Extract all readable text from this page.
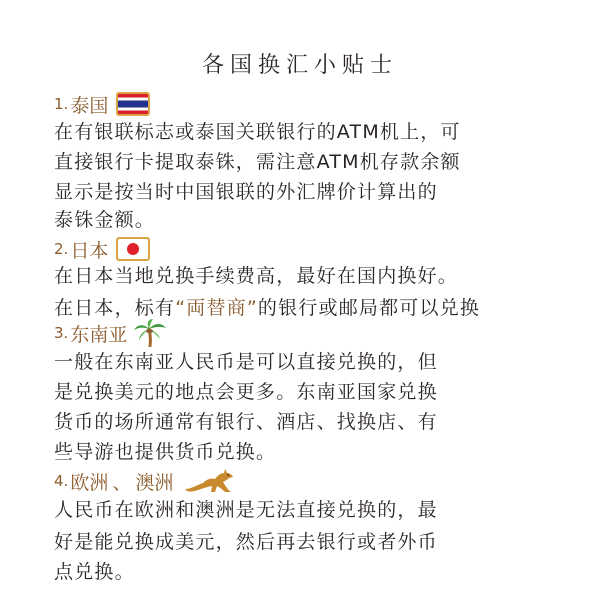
各国换汇小贴士
1. 泰国
在有银联标志或泰国关联银行的ATM机上，可
直接银行卡提取泰铢，需注意ATM机存款余额
显示是按当时中国银联的外汇牌价计算出的
泰铢金额。
2. 日本
在日本当地兑换手续费高，最好在国内换好。
在日本，标有“両替商”的银行或邮局都可以兑换
3. 东南亚
一般在东南亚人民币是可以直接兑换的，但
是兑换美元的地点会更多。东南亚国家兑换
货币的场所通常有银行、酒店、找换店、有
些导游也提供货币兑换。
4. 欧洲 、 澳洲
人民币在欧洲和澳洲是无法直接兑换的，最
好是能兑换成美元，然后再去银行或者外币
点兑换。
